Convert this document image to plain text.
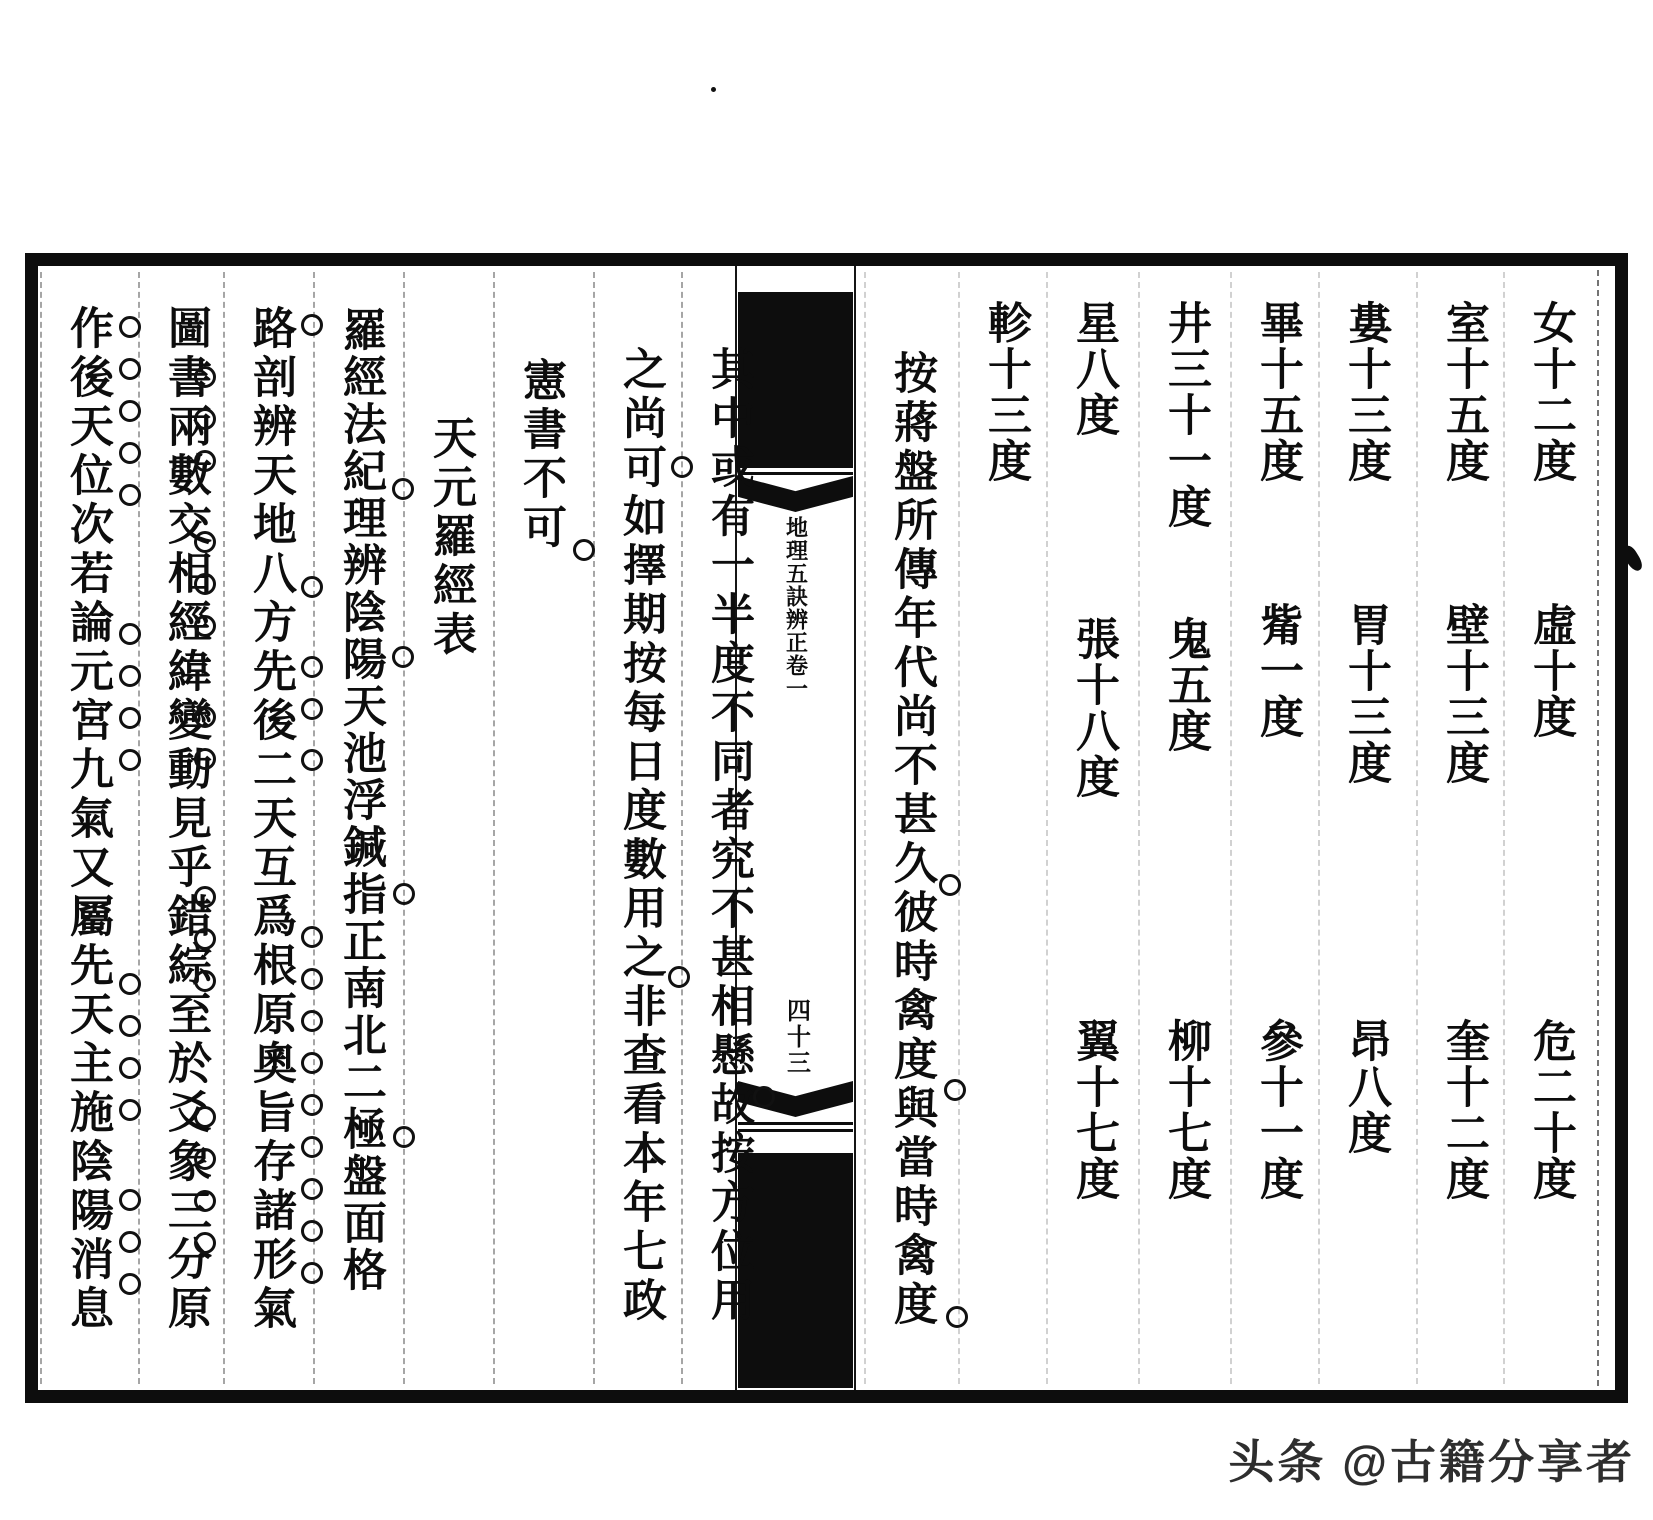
女十二度
虛十度
危二十度
室十五度
壁十三度
奎十二度
婁十三度
胃十三度
昂八度
畢十五度
觜一度
參十一度
井三十一度
鬼五度
柳十七度
星八度
張十八度
翼十七度
軫十三度
按蔣盤所傳年代尚不甚久彼時禽度與當時禽度
地理五訣辨正卷一
四十三
其中或有一半度不同者究不甚相懸故按方位用
之尚可如擇期按每日度數用之非查看本年七政
憲書不可
天元羅經表
羅經法紀理辨陰陽天池浮鍼指正南北二極盤面格
路剖辨天地八方先後二天互爲根原奧旨存諸形氣
圖書兩數交相經緯變動見乎錯綜至於爻象三分原
作後天位次若論元宮九氣又屬先天主施陰陽消息
头条 @古籍分享者
